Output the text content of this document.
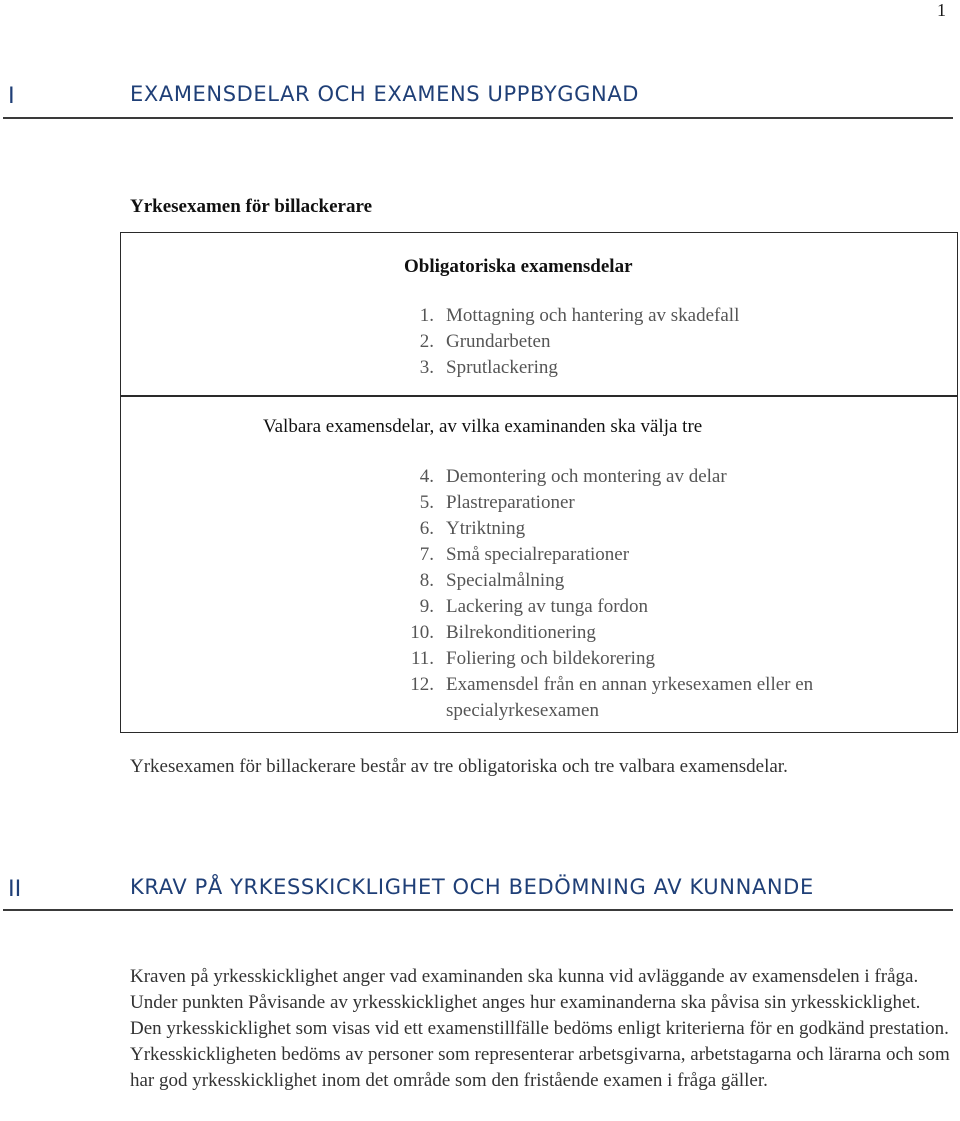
1
I	EXAMENSDELAR OCH EXAMENS UPPBYGGNAD
Yrkesexamen för billackerare
Obligatoriska examensdelar
1. Mottagning och hantering av skadefall

2. Grundarbeten

3. Sprutlackering

Valbara examensdelar, av vilka examinanden ska välja tre
4. Demontering och montering av delar

5. Plastreparationer

6. Ytriktning

7. Små specialreparationer

8. Specialmålning

9. Lackering av tunga fordon

10. Bilrekonditionering

11. Foliering och bildekorering

12. Examensdel från en annan yrkesexamen eller en specialyrkesexamen

Yrkesexamen för billackerare består av tre obligatoriska och tre valbara examensdelar.
II	KRAV PÅ YRKESSKICKLIGHET OCH BEDÖMNING AV KUNNANDE
Kraven på yrkesskicklighet anger vad examinanden ska kunna vid avläggande av examensdelen i fråga. Under punkten Påvisande av yrkesskicklighet anges hur examinanderna ska påvisa sin yrkesskicklighet. Den yrkesskicklighet som visas vid ett examenstillfälle bedöms enligt kriterierna för en godkänd prestation. Yrkesskickligheten bedöms av personer som representerar arbetsgivarna, arbetstagarna och lärarna och som har god yrkesskicklighet inom det område som den fristående examen i fråga gäller.
